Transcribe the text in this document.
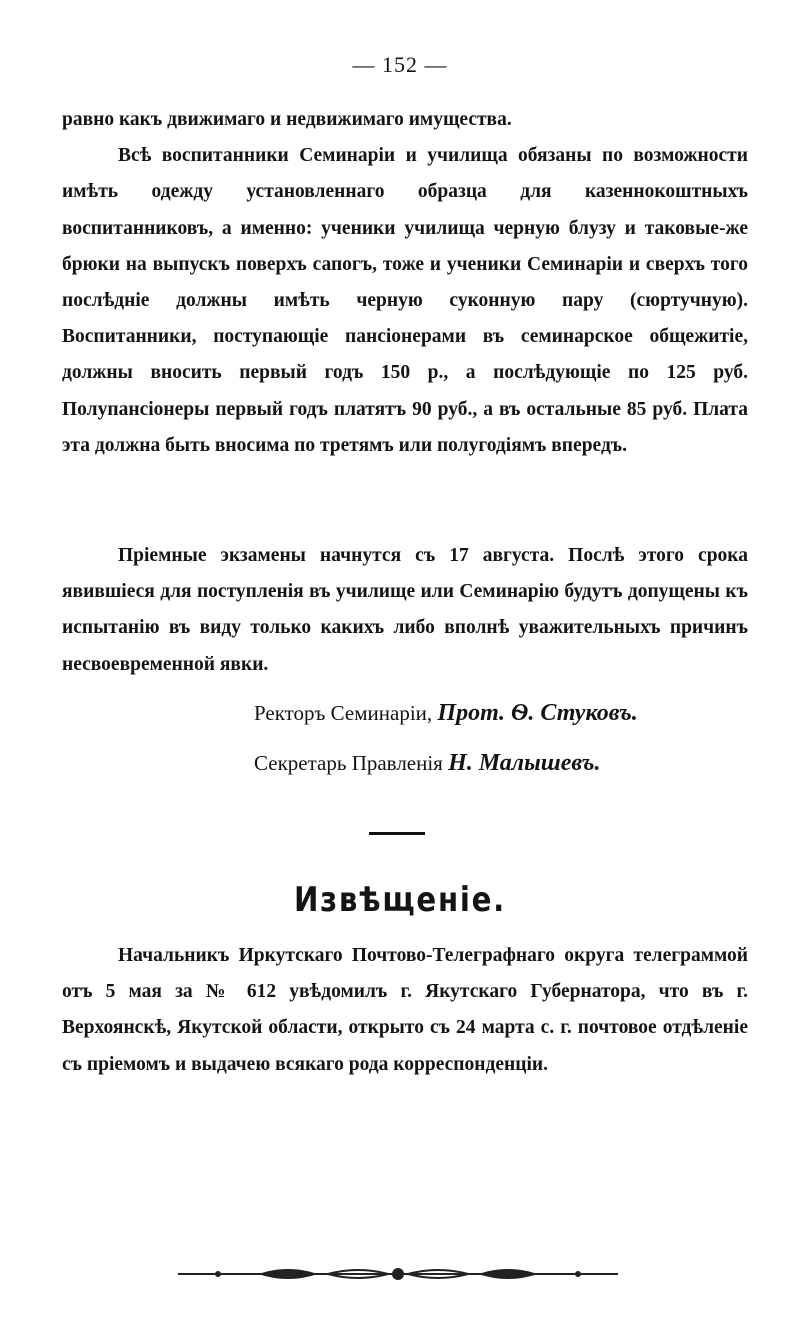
— 152 —

равно какъ движимаго и недвижимаго имущества.

Всѣ воспитанники Семинаріи и училища обязаны по возможности имѣть одежду установленнаго образца для казеннокоштныхъ воспитанниковъ, а именно: ученики училища черную блузу и таковые-же брюки на выпускъ поверхъ сапогъ, тоже и ученики Семинаріи и сверхъ того послѣдніе должны имѣть черную суконную пару (сюртучную). Воспитанники, поступающіе пансіонерами въ семинарское общежитіе, должны вносить первый годъ 150 р., а послѣдующіе по 125 руб. Полупансіонеры первый годъ платятъ 90 руб., а въ остальные 85 руб. Плата эта должна быть вносима по третямъ или полугодіямъ впередъ.

Пріемные экзамены начнутся съ 17 августа. Послѣ этого срока явившіеся для поступленія въ училище или Семинарію будутъ допущены къ испытанію въ виду только какихъ либо вполнѣ уважительныхъ причинъ несвоевременной явки.

Ректоръ Семинаріи, Прот. Ѳ. Стуковъ.
Секретарь Правленія Н. Малышевъ.
Извѣщеніе.

Начальникъ Иркутскаго Почтово-Телеграфнаго округа телеграммой отъ 5 мая за № 612 увѣдомилъ г. Якутскаго Губернатора, что въ г. Верхоянскѣ, Якутской области, открыто съ 24 марта с. г. почтовое отдѣленіе съ пріемомъ и выдачею всякаго рода корреспонденціи.
